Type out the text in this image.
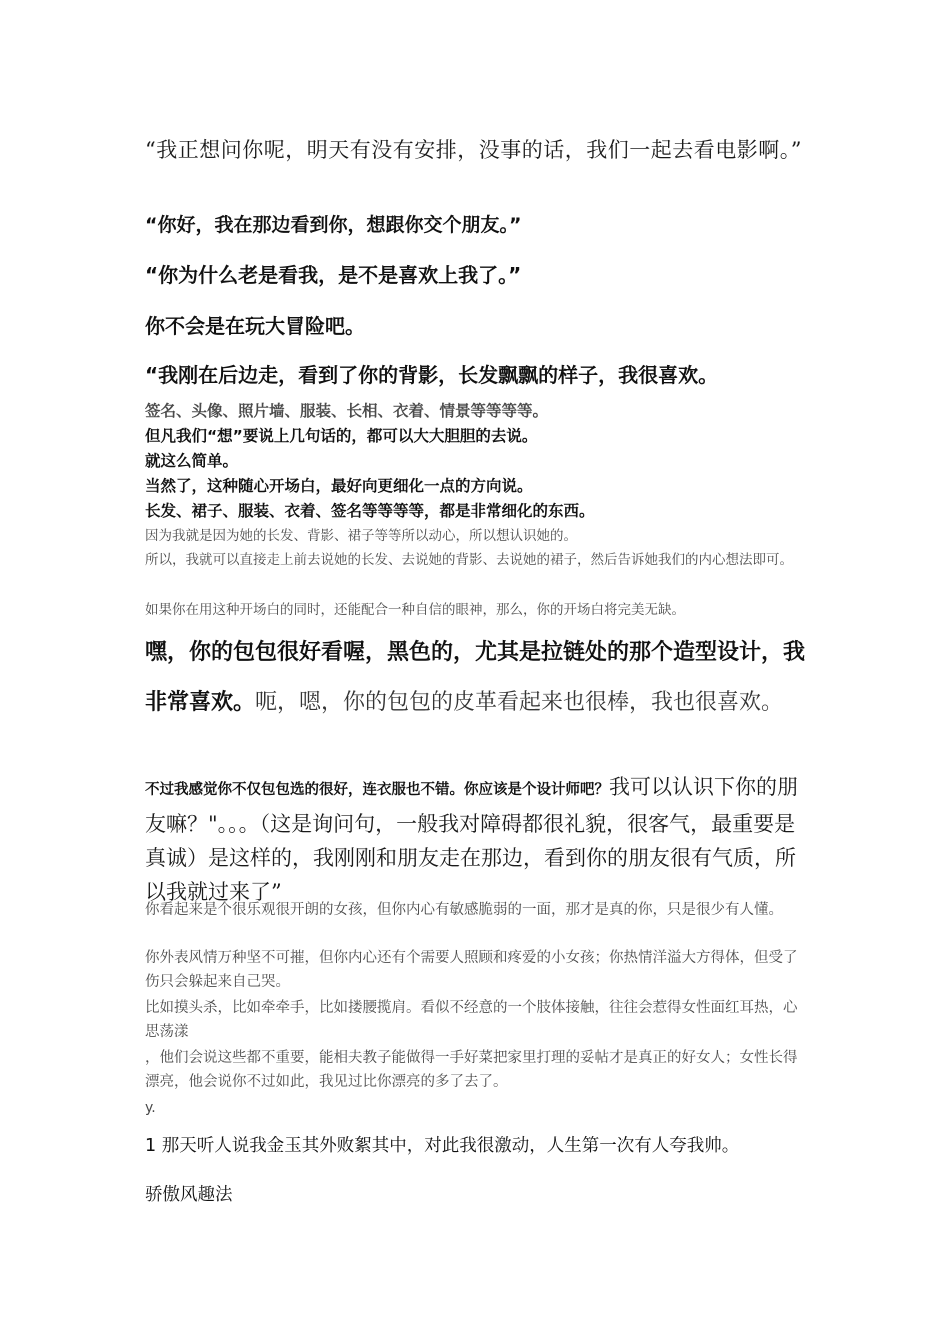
“我正想问你呢，明天有没有安排，没事的话，我们一起去看电影啊。”

“你好，我在那边看到你，想跟你交个朋友。”

“你为什么老是看我，是不是喜欢上我了。”

你不会是在玩大冒险吧。

“我刚在后边走，看到了你的背影，长发飘飘的样子，我很喜欢。

签名、头像、照片墙、服装、长相、衣着、情景等等等等。

但凡我们“想”要说上几句话的，都可以大大胆胆的去说。

就这么简单。

当然了，这种随心开场白，最好向更细化一点的方向说。

长发、裙子、服装、衣着、签名等等等等，都是非常细化的东西。

因为我就是因为她的长发、背影、裙子等等所以动心，所以想认识她的。

所以，我就可以直接走上前去说她的长发、去说她的背影、去说她的裙子，然后告诉她我们的内心想法即可。

如果你在用这种开场白的同时，还能配合一种自信的眼神，那么，你的开场白将完美无缺。

嘿，你的包包很好看喔，黑色的，尤其是拉链处的那个造型设计，我非常喜欢。呃，嗯，你的包包的皮革看起来也很棒，我也很喜欢。

不过我感觉你不仅包包选的很好，连衣服也不错。你应该是个设计师吧？我可以认识下你的朋友嘛？"。。。（这是询问句，一般我对障碍都很礼貌，很客气，最重要是真诚）是这样的，我刚刚和朋友走在那边，看到你的朋友很有气质，所以我就过来了”

你看起来是个很乐观很开朗的女孩，但你内心有敏感脆弱的一面，那才是真的你，只是很少有人懂。

你外表风情万种坚不可摧，但你内心还有个需要人照顾和疼爱的小女孩；你热情洋溢大方得体，但受了伤只会躲起来自己哭。

比如摸头杀，比如牵牵手，比如搂腰揽肩。看似不经意的一个肢体接触，往往会惹得女性面红耳热，心思荡漾

，他们会说这些都不重要，能相夫教子能做得一手好菜把家里打理的妥帖才是真正的好女人；女性长得漂亮，他会说你不过如此，我见过比你漂亮的多了去了。

y.

1 那天听人说我金玉其外败絮其中，对此我很激动，人生第一次有人夸我帅。

骄傲风趣法
